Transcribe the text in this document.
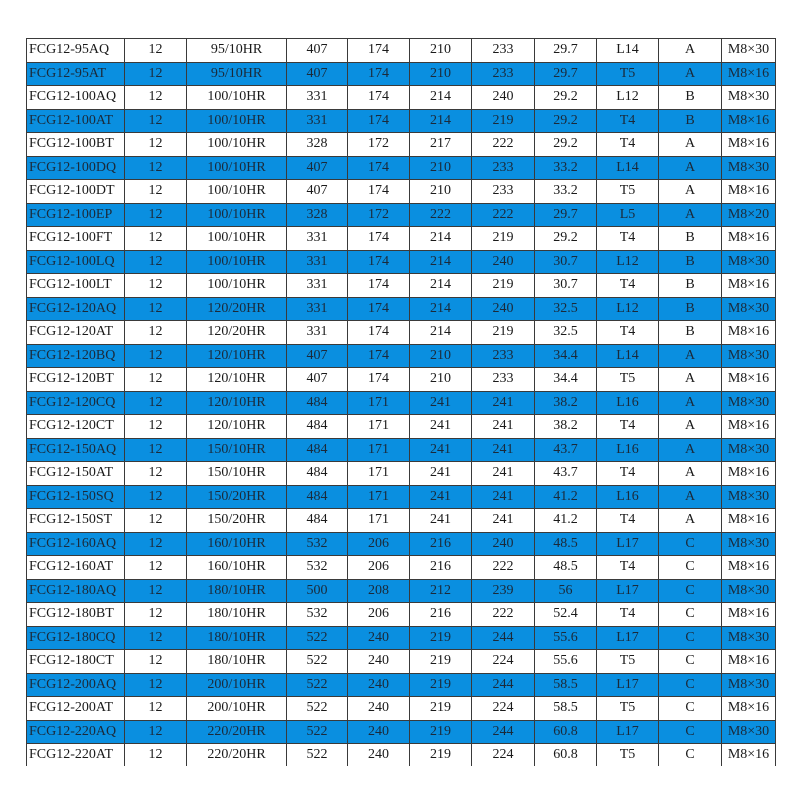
FCG12-95AQ	12	95/10HR	407	174	210	233	29.7	L14	A	M8×30
FCG12-95AT	12	95/10HR	407	174	210	233	29.7	T5	A	M8×16
FCG12-100AQ	12	100/10HR	331	174	214	240	29.2	L12	B	M8×30
FCG12-100AT	12	100/10HR	331	174	214	219	29.2	T4	B	M8×16
FCG12-100BT	12	100/10HR	328	172	217	222	29.2	T4	A	M8×16
FCG12-100DQ	12	100/10HR	407	174	210	233	33.2	L14	A	M8×30
FCG12-100DT	12	100/10HR	407	174	210	233	33.2	T5	A	M8×16
FCG12-100EP	12	100/10HR	328	172	222	222	29.7	L5	A	M8×20
FCG12-100FT	12	100/10HR	331	174	214	219	29.2	T4	B	M8×16
FCG12-100LQ	12	100/10HR	331	174	214	240	30.7	L12	B	M8×30
FCG12-100LT	12	100/10HR	331	174	214	219	30.7	T4	B	M8×16
FCG12-120AQ	12	120/20HR	331	174	214	240	32.5	L12	B	M8×30
FCG12-120AT	12	120/20HR	331	174	214	219	32.5	T4	B	M8×16
FCG12-120BQ	12	120/10HR	407	174	210	233	34.4	L14	A	M8×30
FCG12-120BT	12	120/10HR	407	174	210	233	34.4	T5	A	M8×16
FCG12-120CQ	12	120/10HR	484	171	241	241	38.2	L16	A	M8×30
FCG12-120CT	12	120/10HR	484	171	241	241	38.2	T4	A	M8×16
FCG12-150AQ	12	150/10HR	484	171	241	241	43.7	L16	A	M8×30
FCG12-150AT	12	150/10HR	484	171	241	241	43.7	T4	A	M8×16
FCG12-150SQ	12	150/20HR	484	171	241	241	41.2	L16	A	M8×30
FCG12-150ST	12	150/20HR	484	171	241	241	41.2	T4	A	M8×16
FCG12-160AQ	12	160/10HR	532	206	216	240	48.5	L17	C	M8×30
FCG12-160AT	12	160/10HR	532	206	216	222	48.5	T4	C	M8×16
FCG12-180AQ	12	180/10HR	500	208	212	239	56	L17	C	M8×30
FCG12-180BT	12	180/10HR	532	206	216	222	52.4	T4	C	M8×16
FCG12-180CQ	12	180/10HR	522	240	219	244	55.6	L17	C	M8×30
FCG12-180CT	12	180/10HR	522	240	219	224	55.6	T5	C	M8×16
FCG12-200AQ	12	200/10HR	522	240	219	244	58.5	L17	C	M8×30
FCG12-200AT	12	200/10HR	522	240	219	224	58.5	T5	C	M8×16
FCG12-220AQ	12	220/20HR	522	240	219	244	60.8	L17	C	M8×30
FCG12-220AT	12	220/20HR	522	240	219	224	60.8	T5	C	M8×16
